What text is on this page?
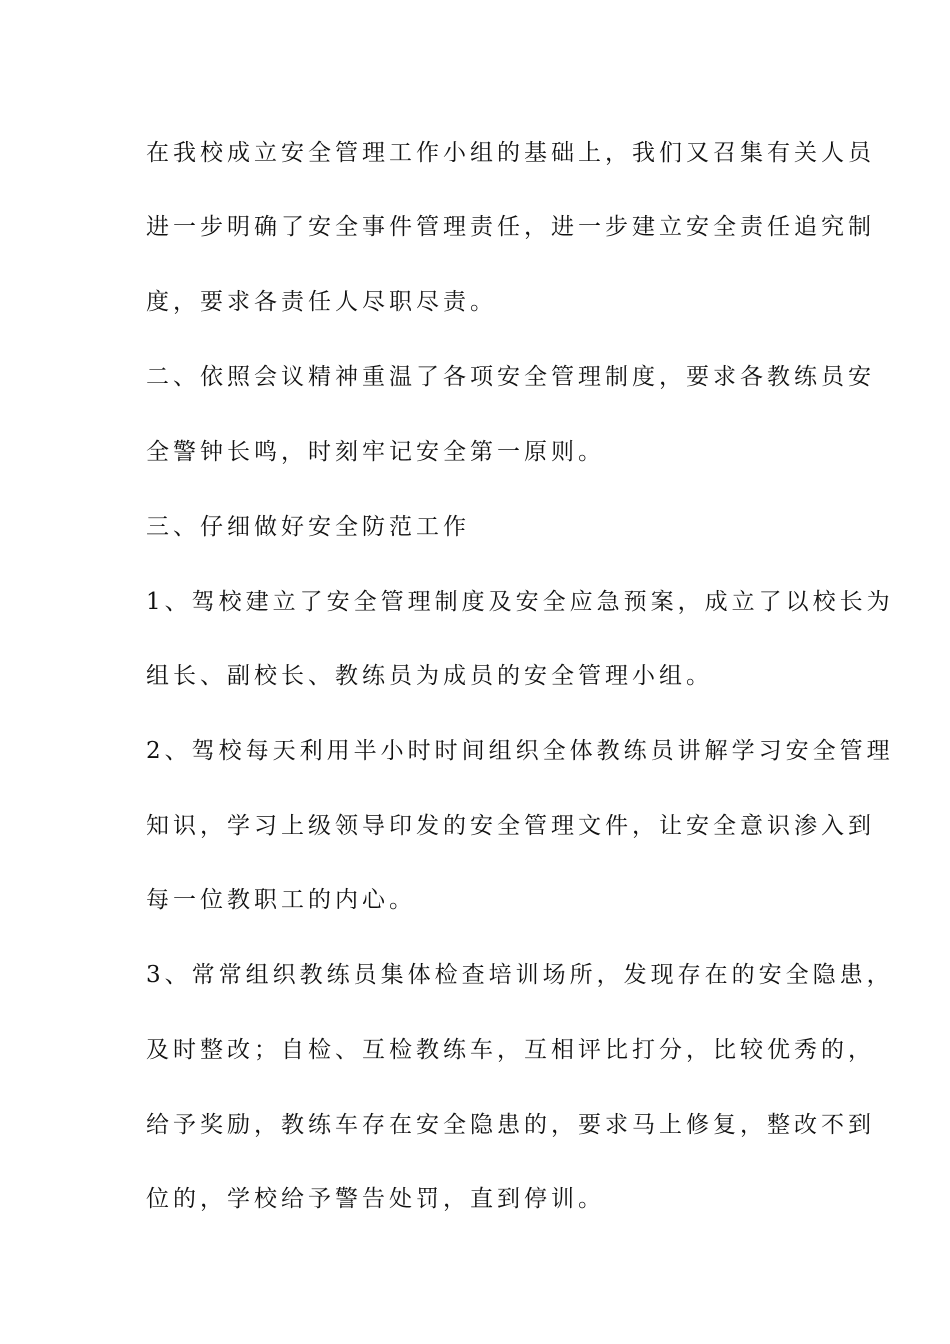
在我校成立安全管理工作小组的基础上，我们又召集有关人员
进一步明确了安全事件管理责任，进一步建立安全责任追究制
度，要求各责任人尽职尽责。
二、依照会议精神重温了各项安全管理制度，要求各教练员安
全警钟长鸣，时刻牢记安全第一原则。
三、仔细做好安全防范工作
1、驾校建立了安全管理制度及安全应急预案，成立了以校长为
组长、副校长、教练员为成员的安全管理小组。
2、驾校每天利用半小时时间组织全体教练员讲解学习安全管理
知识，学习上级领导印发的安全管理文件，让安全意识渗入到
每一位教职工的内心。
3、常常组织教练员集体检查培训场所，发现存在的安全隐患，
及时整改；自检、互检教练车，互相评比打分，比较优秀的，
给予奖励，教练车存在安全隐患的，要求马上修复，整改不到
位的，学校给予警告处罚，直到停训。
